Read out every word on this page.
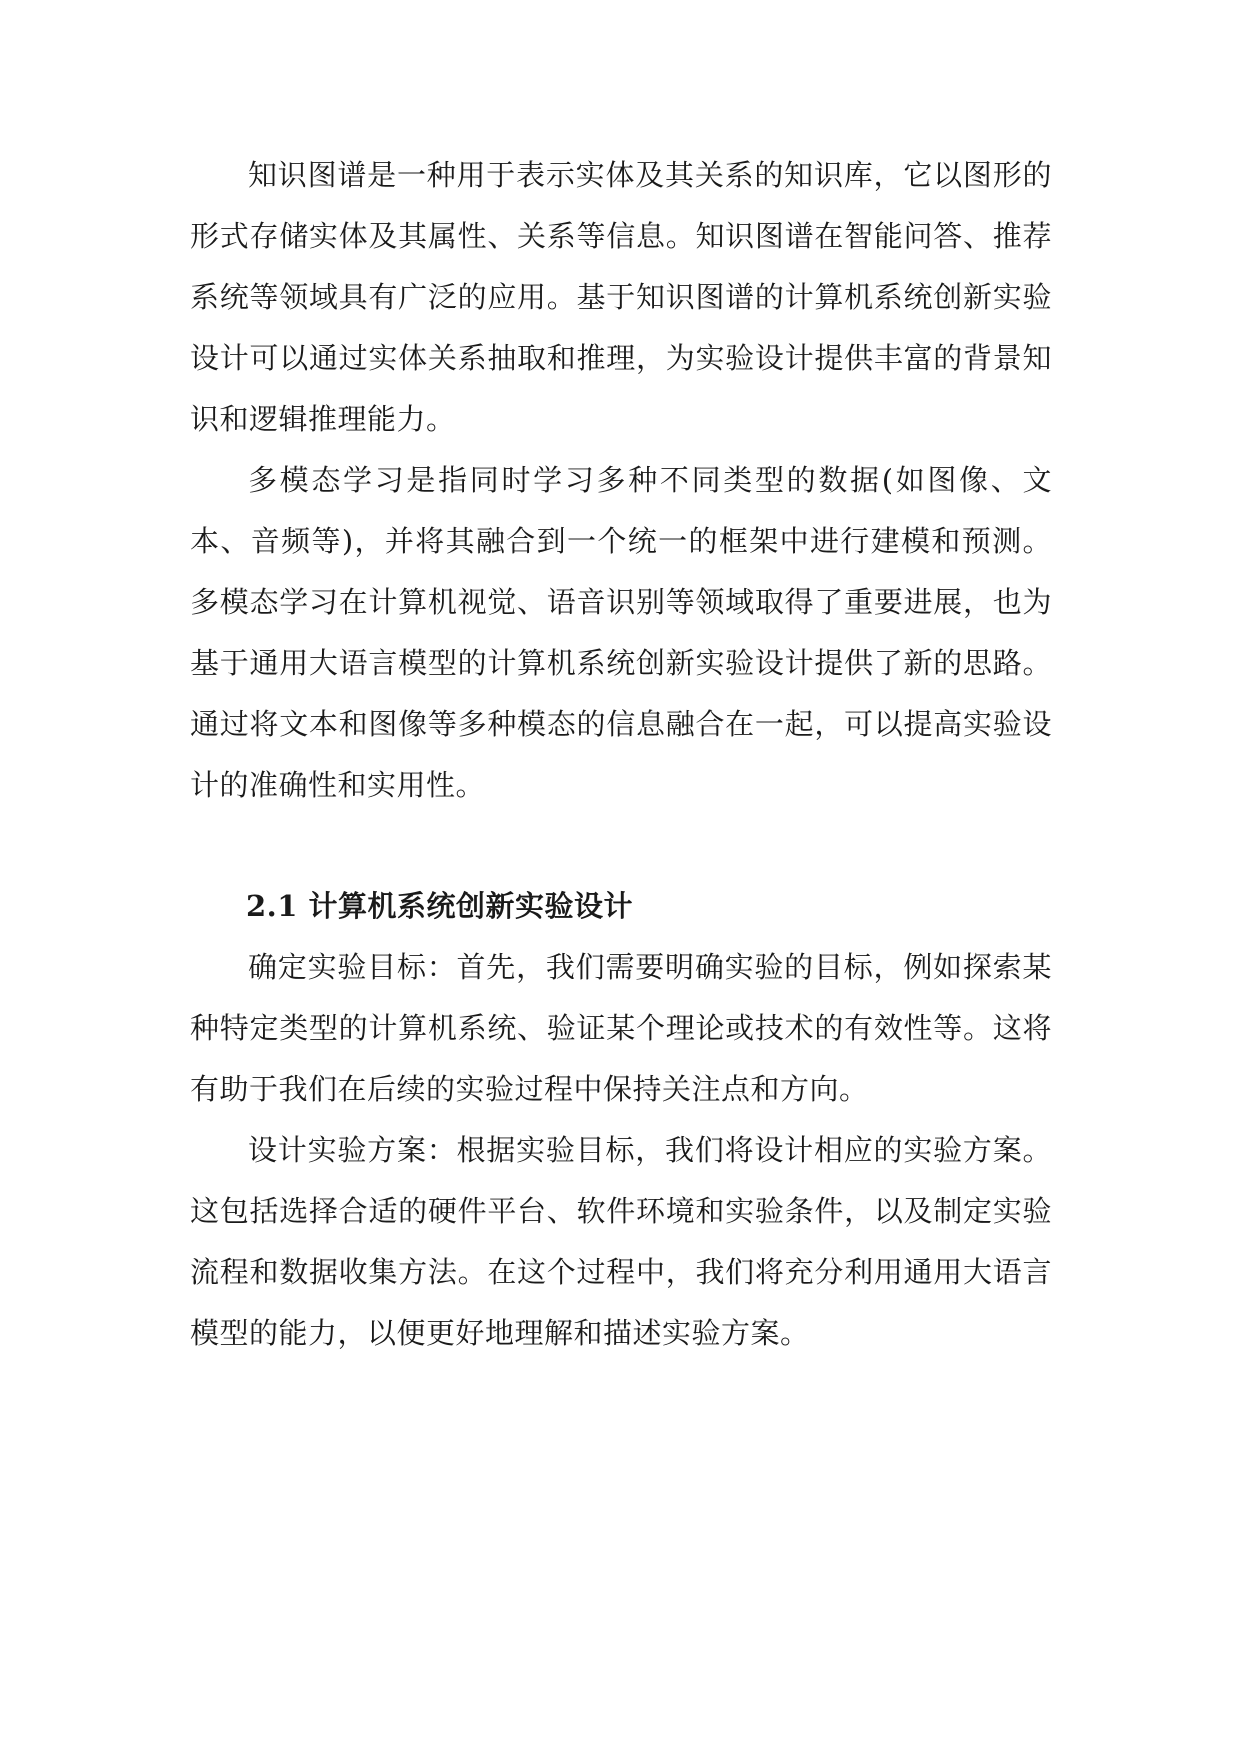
知识图谱是一种用于表示实体及其关系的知识库，它以图形的形式存储实体及其属性、关系等信息。知识图谱在智能问答、推荐系统等领域具有广泛的应用。基于知识图谱的计算机系统创新实验设计可以通过实体关系抽取和推理，为实验设计提供丰富的背景知识和逻辑推理能力。

多模态学习是指同时学习多种不同类型的数据(如图像、文本、音频等)，并将其融合到一个统一的框架中进行建模和预测。多模态学习在计算机视觉、语音识别等领域取得了重要进展，也为基于通用大语言模型的计算机系统创新实验设计提供了新的思路。通过将文本和图像等多种模态的信息融合在一起，可以提高实验设计的准确性和实用性。

2.1 计算机系统创新实验设计

确定实验目标：首先，我们需要明确实验的目标，例如探索某种特定类型的计算机系统、验证某个理论或技术的有效性等。这将有助于我们在后续的实验过程中保持关注点和方向。

设计实验方案：根据实验目标，我们将设计相应的实验方案。这包括选择合适的硬件平台、软件环境和实验条件，以及制定实验流程和数据收集方法。在这个过程中，我们将充分利用通用大语言模型的能力，以便更好地理解和描述实验方案。
